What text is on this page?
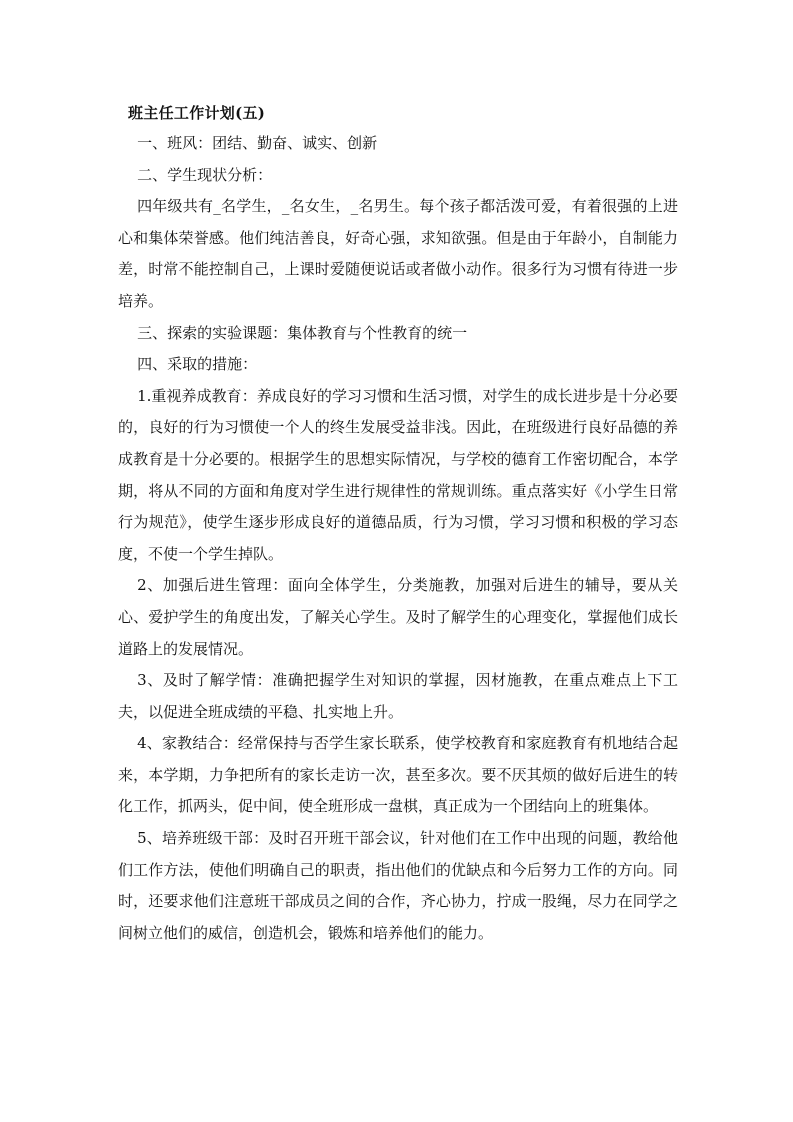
班主任工作计划(五)

一、班风：团结、勤奋、诚实、创新

二、学生现状分析：

四年级共有_名学生，_名女生，_名男生。每个孩子都活泼可爱，有着很强的上进心和集体荣誉感。他们纯洁善良，好奇心强，求知欲强。但是由于年龄小，自制能力差，时常不能控制自己，上课时爱随便说话或者做小动作。很多行为习惯有待进一步培养。

三、探索的实验课题：集体教育与个性教育的统一

四、采取的措施：

1.重视养成教育：养成良好的学习习惯和生活习惯，对学生的成长进步是十分必要的，良好的行为习惯使一个人的终生发展受益非浅。因此，在班级进行良好品德的养成教育是十分必要的。根据学生的思想实际情况，与学校的德育工作密切配合，本学期，将从不同的方面和角度对学生进行规律性的常规训练。重点落实好《小学生日常行为规范》，使学生逐步形成良好的道德品质，行为习惯，学习习惯和积极的学习态度，不使一个学生掉队。

2、加强后进生管理：面向全体学生，分类施教，加强对后进生的辅导，要从关心、爱护学生的角度出发，了解关心学生。及时了解学生的心理变化，掌握他们成长道路上的发展情况。

3、及时了解学情：准确把握学生对知识的掌握，因材施教，在重点难点上下工夫，以促进全班成绩的平稳、扎实地上升。

4、家教结合：经常保持与否学生家长联系，使学校教育和家庭教育有机地结合起来，本学期，力争把所有的家长走访一次，甚至多次。要不厌其烦的做好后进生的转化工作，抓两头，促中间，使全班形成一盘棋，真正成为一个团结向上的班集体。

5、培养班级干部：及时召开班干部会议，针对他们在工作中出现的问题，教给他们工作方法，使他们明确自己的职责，指出他们的优缺点和今后努力工作的方向。同时，还要求他们注意班干部成员之间的合作，齐心协力，拧成一股绳，尽力在同学之间树立他们的威信，创造机会，锻炼和培养他们的能力。
